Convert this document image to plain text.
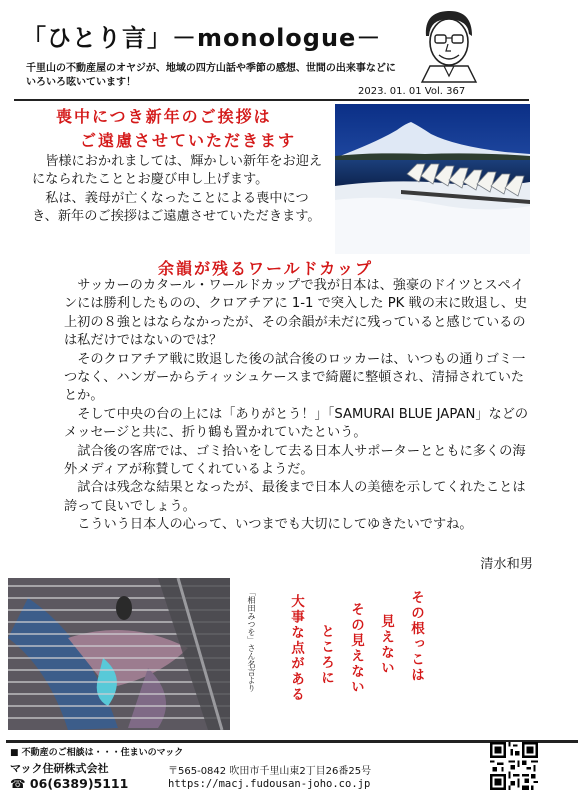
「ひとり言」－monologue－
千里山の不動産屋のオヤジが、地域の四方山話や季節の感想、世間の出来事などにいろいろ呟いています！
2023. 01. 01 Vol. 367
喪中につき新年のご挨拶は
ご遠慮させていただきます

皆様におかれましては、輝かしい新年をお迎えになられたこととお慶び申し上げます。

私は、義母が亡くなったことによる喪中につき、新年のご挨拶はご遠慮させていただきます。

余韻が残るワールドカップ

サッカーのカタール・ワールドカップで我が日本は、強豪のドイツとスペインには勝利したものの、クロアチアに 1-1 で突入した PK 戦の末に敗退し、史上初の８強とはならなかったが、その余韻が未だに残っていると感じているのは私だけではないのでは？

そのクロアチア戦に敗退した後の試合後のロッカーは、いつもの通りゴミ一つなく、ハンガーからティッシュケースまで綺麗に整頓され、清掃されていたとか。

そして中央の台の上には「ありがとう！」「SAMURAI BLUE JAPAN」などのメッセージと共に、折り鶴も置かれていたという。

試合後の客席では、ゴミ拾いをして去る日本人サポーターとともに多くの海外メディアが称賛してくれているようだ。

試合は残念な結果となったが、最後まで日本人の美徳を示してくれたことは誇って良いでしょう。

こういう日本人の心って、いつまでも大切にしてゆきたいですね。

清水和男
「相田みつを」さん名言より	その根っこは
見えない
その見えない
ところに
大事な点がある
■ 不動産のご相談は・・・住まいのマック
マック住研株式会社
☎ 06(6389)5111
〒565-0842 吹田市千里山東2丁目26番25号
https://macj.fudousan-joho.co.jp
